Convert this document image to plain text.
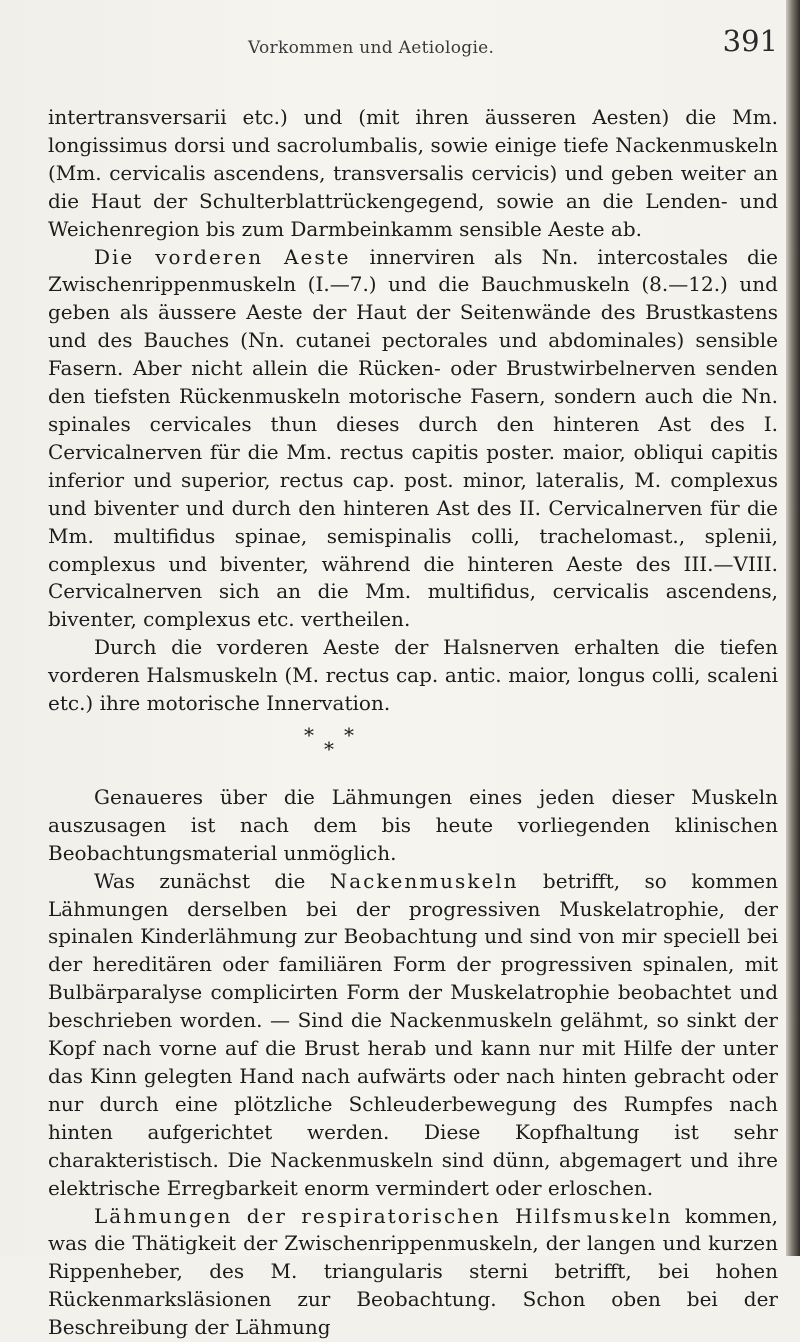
Vorkommen und Aetiologie.	391

intertransversarii etc.) und (mit ihren äusseren Aesten) die Mm. longissimus dorsi und sacrolumbalis, sowie einige tiefe Nackenmuskeln (Mm. cervicalis ascendens, transversalis cervicis) und geben weiter an die Haut der Schulterblattrückengegend, sowie an die Lenden- und Weichenregion bis zum Darmbeinkamm sensible Aeste ab.

Die vorderen Aeste innerviren als Nn. intercostales die Zwischenrippenmuskeln (I.—7.) und die Bauchmuskeln (8.—12.) und geben als äussere Aeste der Haut der Seitenwände des Brustkastens und des Bauches (Nn. cutanei pectorales und abdominales) sensible Fasern. Aber nicht allein die Rücken- oder Brustwirbelnerven senden den tiefsten Rückenmuskeln motorische Fasern, sondern auch die Nn. spinales cervicales thun dieses durch den hinteren Ast des I. Cervicalnerven für die Mm. rectus capitis poster. maior, obliqui capitis inferior und superior, rectus cap. post. minor, lateralis, M. complexus und biventer und durch den hinteren Ast des II. Cervicalnerven für die Mm. multifidus spinae, semispinalis colli, trachelomast., splenii, complexus und biventer, während die hinteren Aeste des III.—VIII. Cervicalnerven sich an die Mm. multifidus, cervicalis ascendens, biventer, complexus etc. vertheilen.

Durch die vorderen Aeste der Halsnerven erhalten die tiefen vorderen Halsmuskeln (M. rectus cap. antic. maior, longus colli, scaleni etc.) ihre motorische Innervation.

* *
*

Genaueres über die Lähmungen eines jeden dieser Muskeln auszusagen ist nach dem bis heute vorliegenden klinischen Beobachtungsmaterial unmöglich.

Was zunächst die Nackenmuskeln betrifft, so kommen Lähmungen derselben bei der progressiven Muskelatrophie, der spinalen Kinderlähmung zur Beobachtung und sind von mir speciell bei der hereditären oder familiären Form der progressiven spinalen, mit Bulbärparalyse complicirten Form der Muskelatrophie beobachtet und beschrieben worden. — Sind die Nackenmuskeln gelähmt, so sinkt der Kopf nach vorne auf die Brust herab und kann nur mit Hilfe der unter das Kinn gelegten Hand nach aufwärts oder nach hinten gebracht oder nur durch eine plötzliche Schleuderbewegung des Rumpfes nach hinten aufgerichtet werden. Diese Kopfhaltung ist sehr charakteristisch. Die Nackenmuskeln sind dünn, abgemagert und ihre elektrische Erregbarkeit enorm vermindert oder erloschen.

Lähmungen der respiratorischen Hilfsmuskeln kommen, was die Thätigkeit der Zwischenrippenmuskeln, der langen und kurzen Rippenheber, des M. triangularis sterni betrifft, bei hohen Rückenmarksläsionen zur Beobachtung. Schon oben bei der Beschreibung der Lähmung
